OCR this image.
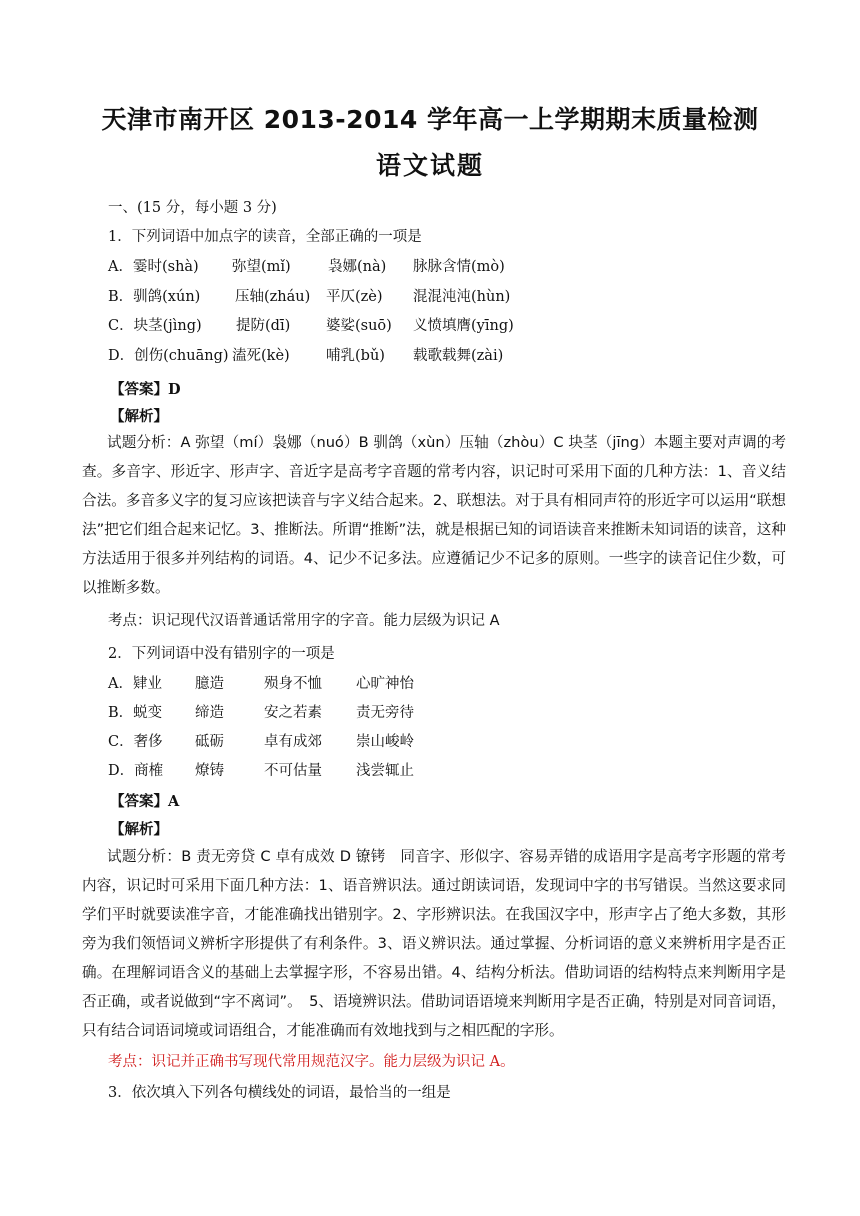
天津市南开区 2013-2014 学年高一上学期期末质量检测
语文试题
一、(15 分，每小题 3 分)
1．下列词语中加点字的读音，全部正确的一项是
A．霎时(shà) 弥望(mǐ)	袅娜(nà) 脉脉含情(mò)
B．驯鸽(xún) 压轴(zháu) 平仄(zè) 混混沌沌(hùn)
C．块茎(jìng) 提防(dī) 婆娑(suō) 义愤填膺(yīng)
D．创伤(chuāng) 溘死(kè)	哺乳(bǔ) 载歌载舞(zài)
【答案】D
【解析】
试题分析：A 弥望（mí）袅娜（nuó）B 驯鸽（xùn）压轴（zhòu）C 块茎（jīng）本题主要对声调的考查。多音字、形近字、形声字、音近字是高考字音题的常考内容，识记时可采用下面的几种方法：1、音义结合法。多音多义字的复习应该把读音与字义结合起来。2、联想法。对于具有相同声符的形近字可以运用“联想法”把它们组合起来记忆。3、推断法。所谓“推断”法，就是根据已知的词语读音来推断未知词语的读音，这种方法适用于很多并列结构的词语。4、记少不记多法。应遵循记少不记多的原则。一些字的读音记住少数，可以推断多数。
考点：识记现代汉语普通话常用字的字音。能力层级为识记 A
2．下列词语中没有错别字的一项是
A．肄业 臆造	殒身不恤 心旷神怡
B．蜕变 缔造	安之若素 责无旁待
C．奢侈 砥砺	卓有成郊 崇山峻岭
D．商榷 燎铸	不可估量 浅尝辄止
【答案】A
【解析】
试题分析：B 责无旁贷 C 卓有成效 D 镣铐　同音字、形似字、容易弄错的成语用字是高考字形题的常考内容，识记时可采用下面几种方法：1、语音辨识法。通过朗读词语，发现词中字的书写错误。当然这要求同学们平时就要读准字音，才能准确找出错别字。2、字形辨识法。在我国汉字中，形声字占了绝大多数，其形旁为我们领悟词义辨析字形提供了有利条件。3、语义辨识法。通过掌握、分析词语的意义来辨析用字是否正确。在理解词语含义的基础上去掌握字形，不容易出错。4、结构分析法。借助词语的结构特点来判断用字是否正确，或者说做到“字不离词”。　5、语境辨识法。借助词语语境来判断用字是否正确，特别是对同音词语，只有结合词语词境或词语组合，才能准确而有效地找到与之相匹配的字形。
考点：识记并正确书写现代常用规范汉字。能力层级为识记 A。
3．依次填入下列各句横线处的词语，最恰当的一组是
